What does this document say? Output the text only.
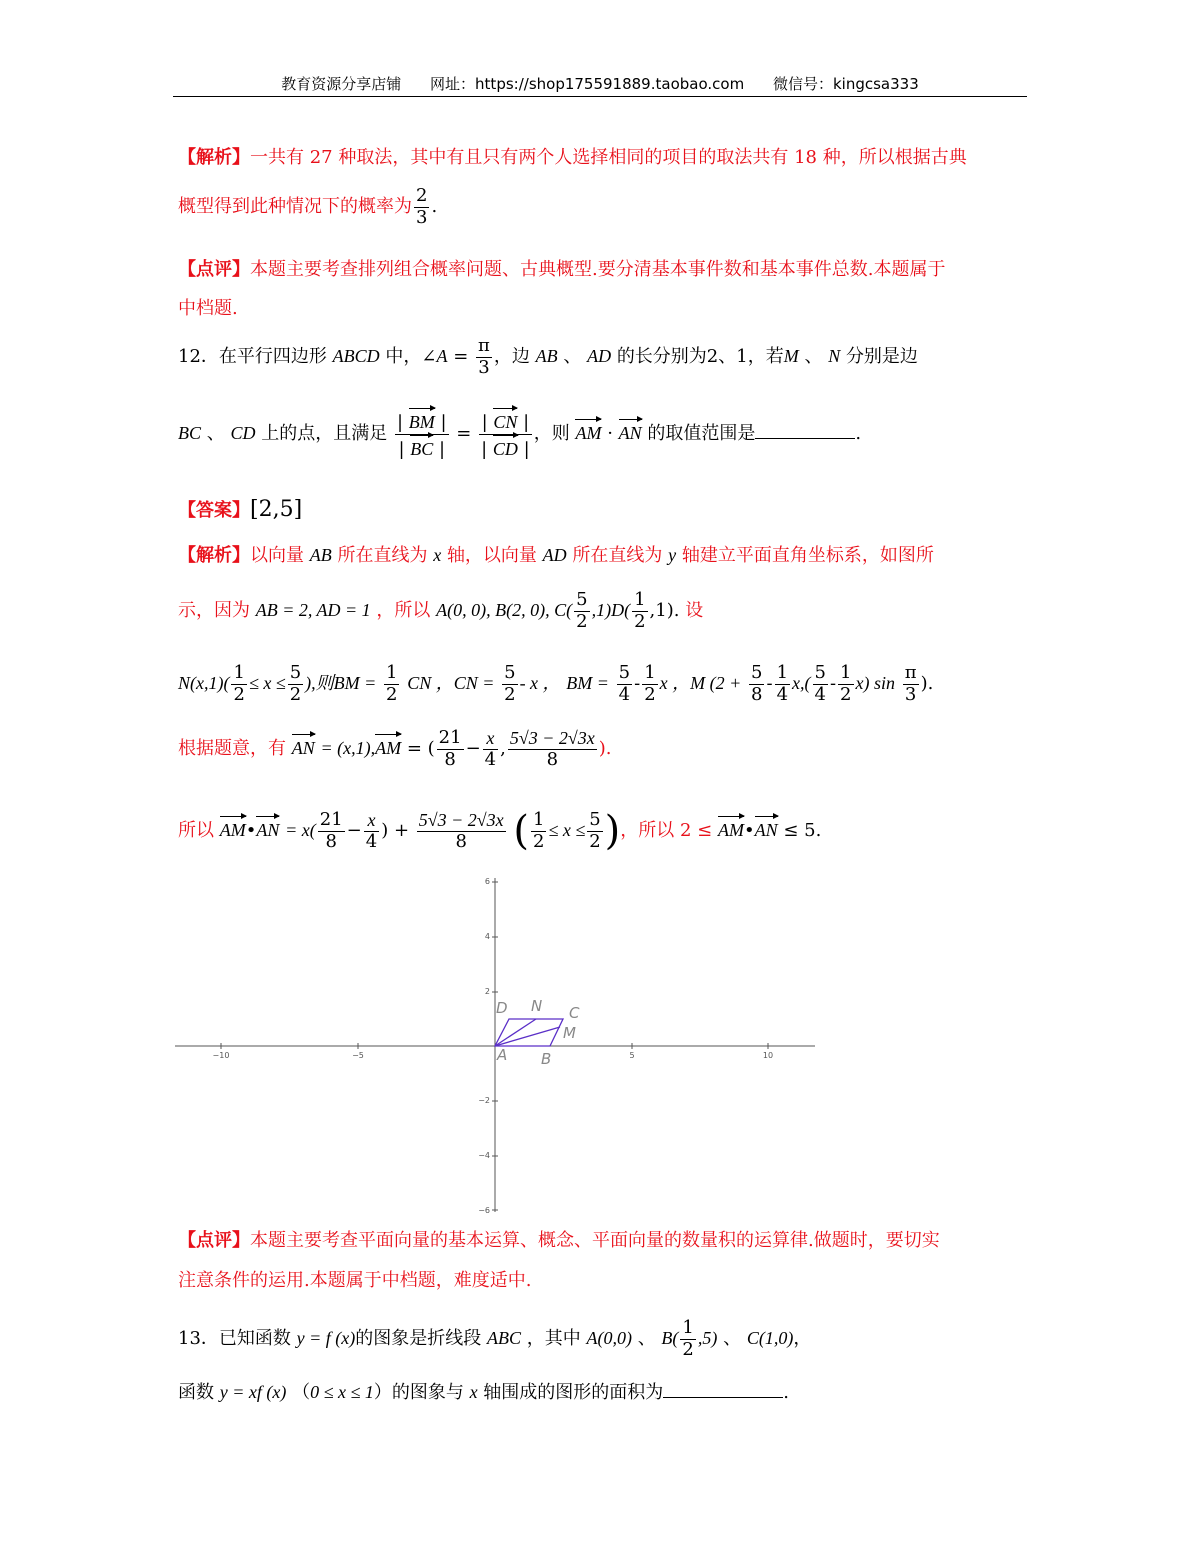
教育资源分享店铺 网址：https://shop175591889.taobao.com 微信号：kingcsa333
【解析】一共有 27 种取法，其中有且只有两个人选择相同的项目的取法共有 18 种，所以根据古典
概型得到此种情况下的概率为 $\frac{2}{3}$ .
【点评】本题主要考查排列组合概率问题、古典概型.要分清基本事件数和基本事件总数.本题属于
中档题.
12．在平行四边形 ABCD 中，∠A = $\frac{\pi}{3}$ ，边 AB 、 AD 的长分别为2、1，若M 、 N 分别是边
BC 、 CD 上的点，且满足 $\frac{| BM |}{| BC |} = \frac{| CN |}{| CD |}$ ，则 AM · AN 的取值范围是	.
【答案】[2,5]
【解析】以向量 AB 所在直线为 x 轴，以向量 AD 所在直线为 y 轴建立平面直角坐标系，如图所
示，因为 AB = 2, AD = 1 ，所以 A(0, 0), B(2, 0), $C( \frac{5}{2} ,1)D( \frac{1}{2} ,1)$. 设
$N(x,1)( \frac{1}{2} \le x \le \frac{5}{2}$ ),则BM = $\frac{1}{2}$ CN ，CN = $\frac{5}{2}$ - x ， BM = $\frac{5}{4} - \frac{1}{2}$ x ，M ($2 + \frac{5}{8} - \frac{1}{4} x,( \frac{5}{4} - \frac{1}{2} x)$ $\sin \frac{\pi}{3}$ ).
根据题意，有 AN = (x,1),AM = ( $\frac{21}{8} - \frac{x}{4}$ , $\frac{5√3 - 2√3x}{8}$ ).
所以 AM•AN = $x( \frac{21}{8} - \frac{x}{4}$ ) + $\frac{5√3 - 2√3x}{8}$ ( $\frac{1}{2} \le x \le \frac{5}{2}$ )，所以 2 ≤ AM•AN ≤ 5.
−10	−5	5	10
6
4
2
−2
−4
−6
A B
C
D
M
N
【点评】本题主要考查平面向量的基本运算、概念、平面向量的数量积的运算律.做题时，要切实
注意条件的运用.本题属于中档题，难度适中.
13．已知函数 y = f (x)的图象是折线段 ABC ，其中 A(0,0) 、 $B( \frac{1}{2} ,5)$ 、 C(1,0)，
函数 y = xf (x) （0 ≤ x ≤ 1）的图象与 x 轴围成的图形的面积为	.
